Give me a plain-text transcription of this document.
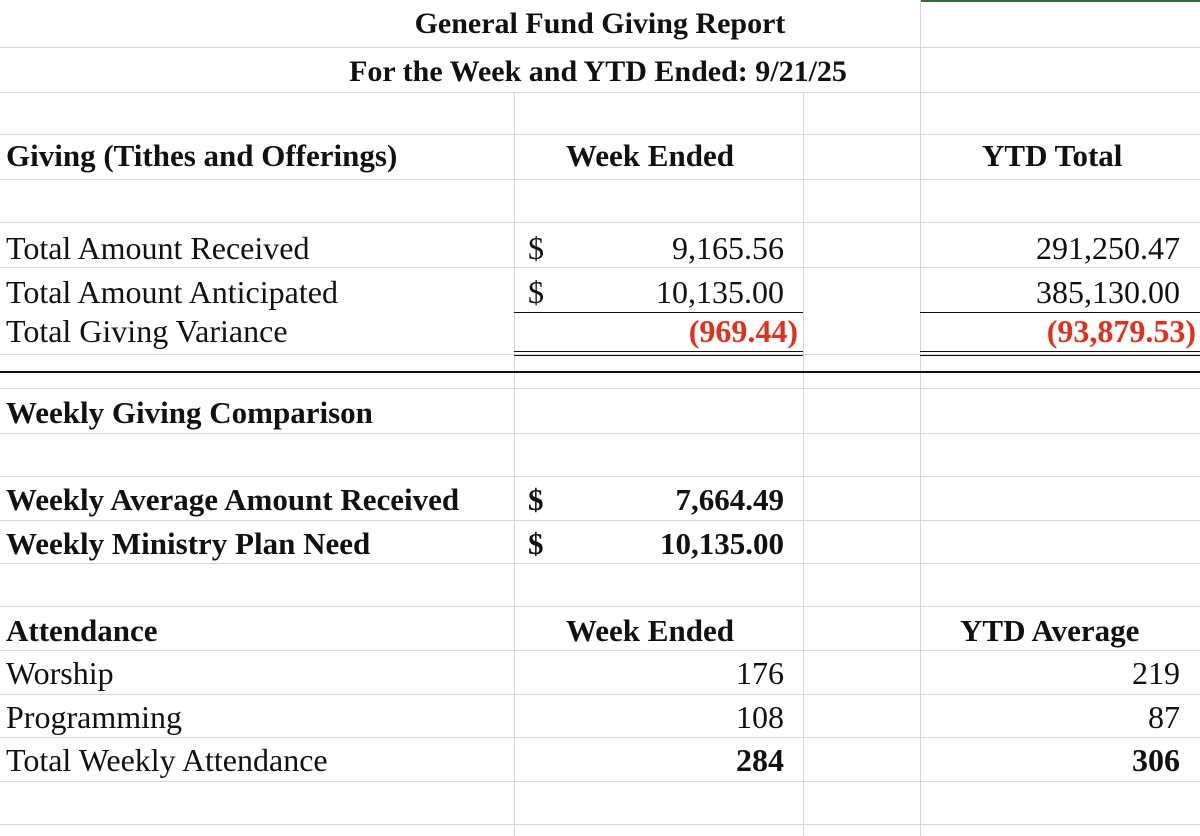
General Fund Giving Report
For the Week and YTD Ended: 9/21/25
Giving (Tithes and Offerings)	Week Ended	YTD Total
Total Amount Received	$	9,165.56	291,250.47
Total Amount Anticipated	$	10,135.00	385,130.00
Total Giving Variance	(969.44)	(93,879.53)
Weekly Giving Comparison
Weekly Average Amount Received $	7,664.49
Weekly Ministry Plan Need	$	10,135.00
Attendance	Week Ended	YTD Average
Worship	176	219
Programming	108	87
Total Weekly Attendance	284	306
